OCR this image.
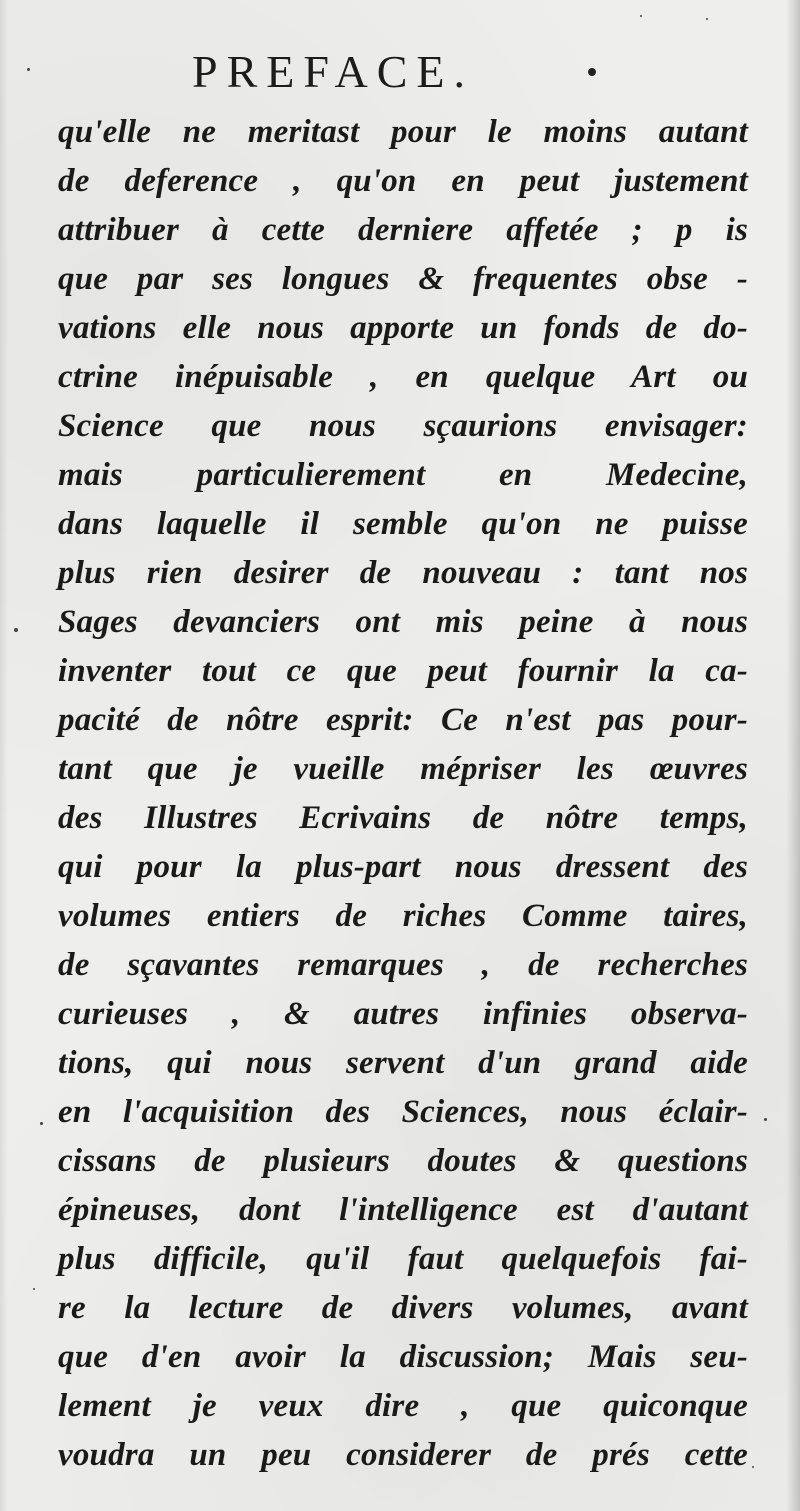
PREFACE.
qu'elle ne meritast pour le moins autant
de deference , qu'on en peut justement
attribuer à cette derniere affetée ; p is
que par ses longues & frequentes obse -
vations elle nous apporte un fonds de do-
ctrine inépuisable , en quelque Art ou
Science que nous sçaurions envisager:
mais particulierement en Medecine,
dans laquelle il semble qu'on ne puisse
plus rien desirer de nouveau : tant nos
Sages devanciers ont mis peine à nous
inventer tout ce que peut fournir la ca-
pacité de nôtre esprit: Ce n'est pas pour-
tant que je vueille mépriser les œuvres
des Illustres Ecrivains de nôtre temps,
qui pour la plus-part nous dressent des
volumes entiers de riches Comme taires,
de sçavantes remarques , de recherches
curieuses , & autres infinies observa-
tions, qui nous servent d'un grand aide
en l'acquisition des Sciences, nous éclair-
cissans de plusieurs doutes & questions
épineuses, dont l'intelligence est d'autant
plus difficile, qu'il faut quelquefois fai-
re la lecture de divers volumes, avant
que d'en avoir la discussion; Mais seu-
lement je veux dire , que quiconque
voudra un peu considerer de prés cette
